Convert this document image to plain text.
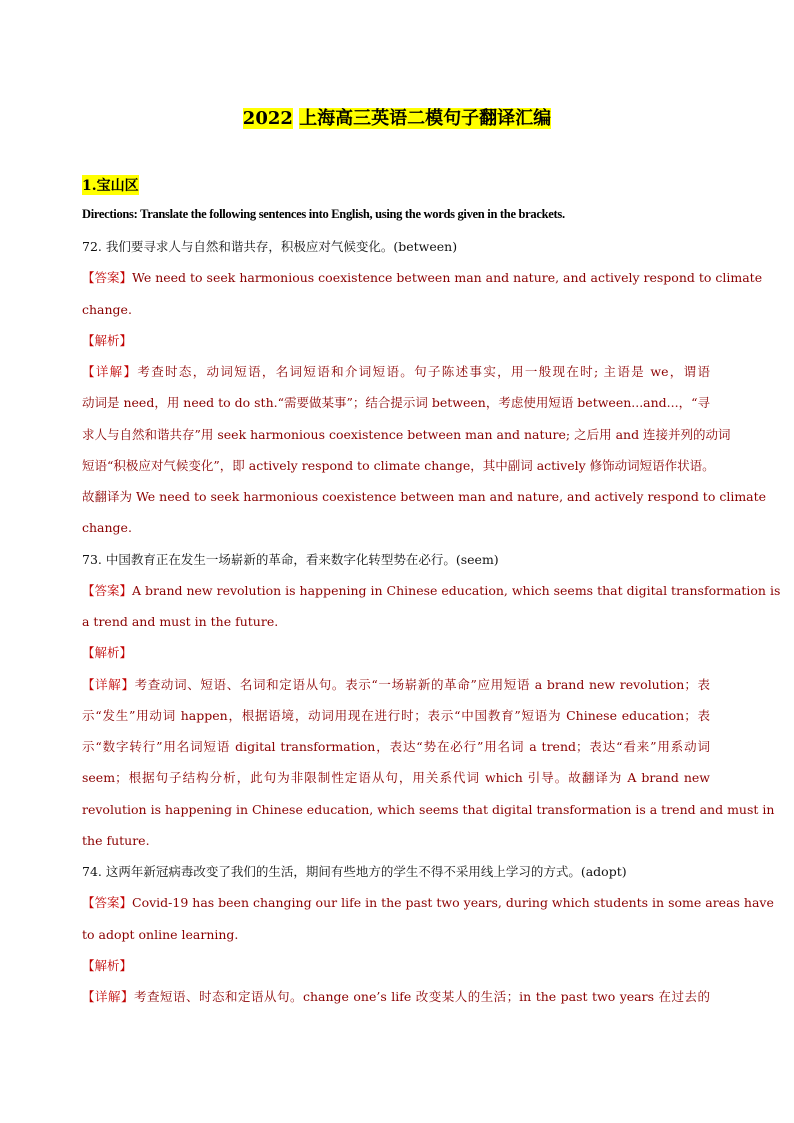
2022 上海高三英语二模句子翻译汇编
1.宝山区
Directions: Translate the following sentences into English, using the words given in the brackets.
72. 我们要寻求人与自然和谐共存，积极应对气候变化。(between)
【答案】We need to seek harmonious coexistence between man and nature, and actively respond to climate
change.
【解析】
【详解】考查时态，动词短语，名词短语和介词短语。句子陈述事实，用一般现在时; 主语是 we，谓语
动词是 need，用 need to do sth.“需要做某事”；结合提示词 between，考虑使用短语 between...and...，“寻
求人与自然和谐共存”用 seek harmonious coexistence between man and nature; 之后用 and 连接并列的动词
短语“积极应对气候变化”，即 actively respond to climate change，其中副词 actively 修饰动词短语作状语。
故翻译为 We need to seek harmonious coexistence between man and nature, and actively respond to climate
change.
73. 中国教育正在发生一场崭新的革命，看来数字化转型势在必行。(seem)
【答案】A brand new revolution is happening in Chinese education, which seems that digital transformation is
a trend and must in the future.
【解析】
【详解】考查动词、短语、名词和定语从句。表示“一场崭新的革命”应用短语 a brand new revolution；表
示“发生”用动词 happen，根据语境，动词用现在进行时；表示“中国教育”短语为 Chinese education；表
示“数字转行”用名词短语 digital transformation，表达“势在必行”用名词 a trend；表达“看来”用系动词
seem；根据句子结构分析，此句为非限制性定语从句，用关系代词 which 引导。故翻译为 A brand new
revolution is happening in Chinese education, which seems that digital transformation is a trend and must in
the future.
74. 这两年新冠病毒改变了我们的生活，期间有些地方的学生不得不采用线上学习的方式。(adopt)
【答案】Covid-19 has been changing our life in the past two years, during which students in some areas have
to adopt online learning.
【解析】
【详解】考查短语、时态和定语从句。change one’s life 改变某人的生活；in the past two years 在过去的
